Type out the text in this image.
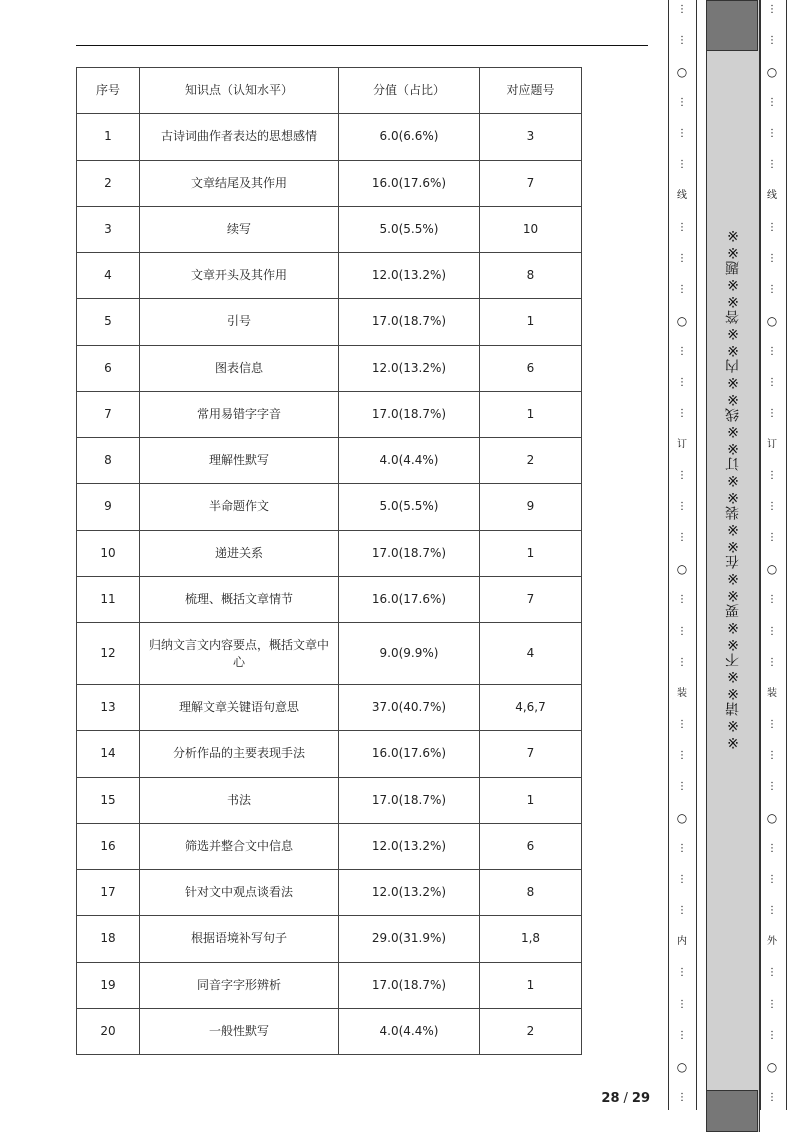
序号	知识点（认知水平）	分值（占比）	对应题号
1	古诗词曲作者表达的思想感情	6.0(6.6%)	3
2	文章结尾及其作用	16.0(17.6%)	7
3	续写	5.0(5.5%)	10
4	文章开头及其作用	12.0(13.2%)	8
5	引号	17.0(18.7%)	1
6	图表信息	12.0(13.2%)	6
7	常用易错字字音	17.0(18.7%)	1
8	理解性默写	4.0(4.4%)	2
9	半命题作文	5.0(5.5%)	9
10	递进关系	17.0(18.7%)	1
11	梳理、概括文章情节	16.0(17.6%)	7
12	归纳文言文内容要点，概括文章中心	9.0(9.9%)	4
13	理解文章关键语句意思	37.0(40.7%)	4,6,7
14	分析作品的主要表现手法	16.0(17.6%)	7
15	书法	17.0(18.7%)	1
16	筛选并整合文中信息	12.0(13.2%)	6
17	针对文中观点谈看法	12.0(13.2%)	8
18	根据语境补写句子	29.0(31.9%)	1,8
19	同音字字形辨析	17.0(18.7%)	1
20	一般性默写	4.0(4.4%)	2
28 / 29
⋮
⋮
○
⋮
⋮
⋮
线
⋮
⋮
⋮
○
⋮
⋮
⋮
订
⋮
⋮
⋮
○
⋮
⋮
⋮
装
⋮
⋮
⋮
○
⋮
⋮
⋮
内
⋮
⋮
⋮
○
⋮
※※请※※不※※要※※在※※装※※订※※线※※内※※答※※题※※
⋮
⋮
○
⋮
⋮
⋮
线
⋮
⋮
⋮
○
⋮
⋮
⋮
订
⋮
⋮
⋮
○
⋮
⋮
⋮
装
⋮
⋮
⋮
○
⋮
⋮
⋮
外
⋮
⋮
⋮
○
⋮
